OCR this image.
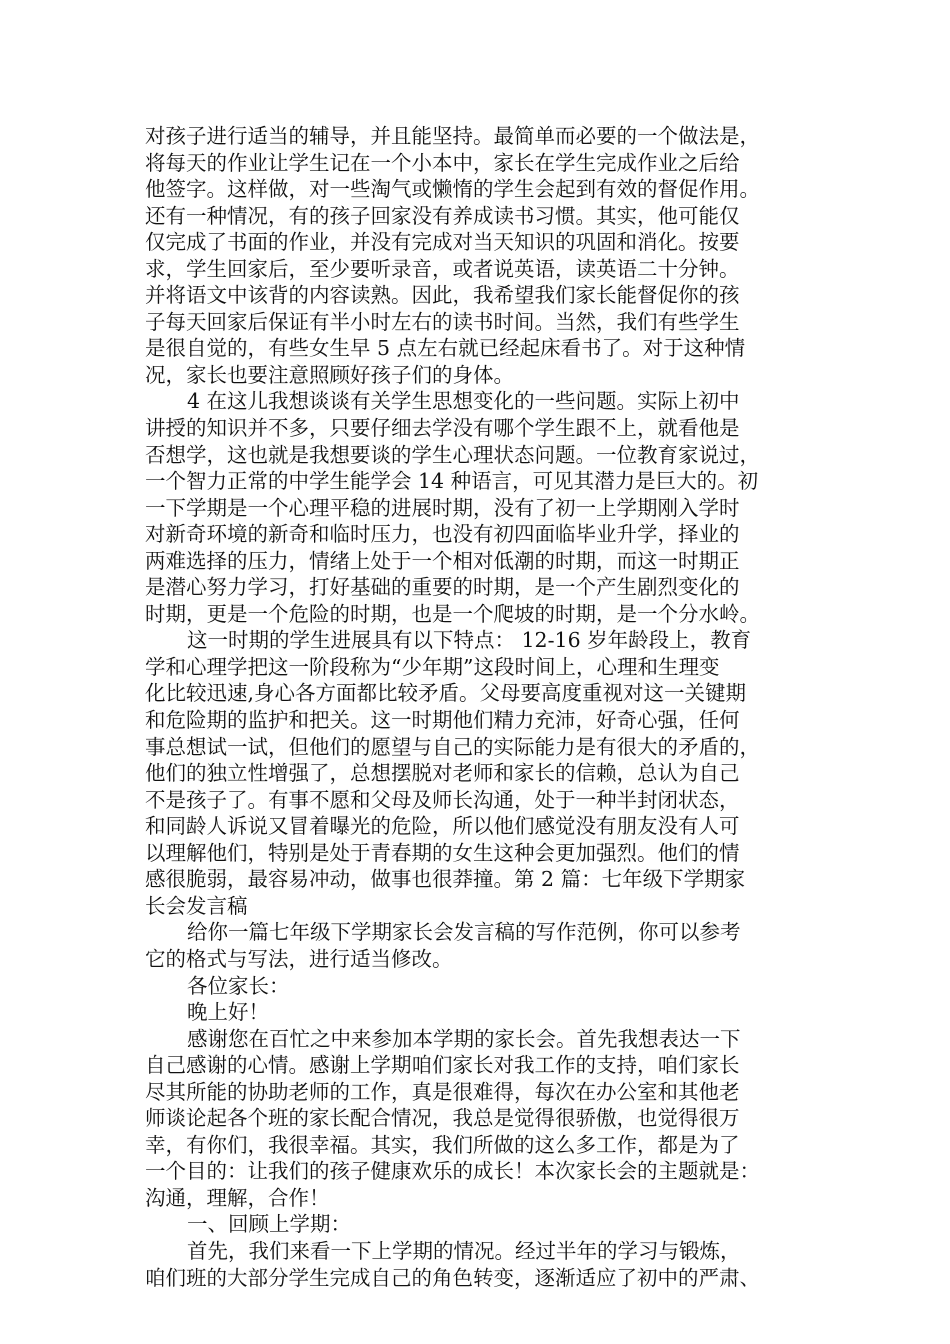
对孩子进行适当的辅导，并且能坚持。最简单而必要的一个做法是，
将每天的作业让学生记在一个小本中，家长在学生完成作业之后给
他签字。这样做，对一些淘气或懒惰的学生会起到有效的督促作用。
还有一种情况，有的孩子回家没有养成读书习惯。其实，他可能仅
仅完成了书面的作业，并没有完成对当天知识的巩固和消化。按要
求，学生回家后，至少要听录音，或者说英语，读英语二十分钟。
并将语文中该背的内容读熟。因此，我希望我们家长能督促你的孩
子每天回家后保证有半小时左右的读书时间。当然，我们有些学生
是很自觉的，有些女生早 5 点左右就已经起床看书了。对于这种情
况，家长也要注意照顾好孩子们的身体。
4 在这儿我想谈谈有关学生思想变化的一些问题。实际上初中
讲授的知识并不多，只要仔细去学没有哪个学生跟不上，就看他是
否想学，这也就是我想要谈的学生心理状态问题。一位教育家说过，
一个智力正常的中学生能学会 14 种语言，可见其潜力是巨大的。初
一下学期是一个心理平稳的进展时期，没有了初一上学期刚入学时
对新奇环境的新奇和临时压力，也没有初四面临毕业升学，择业的
两难选择的压力，情绪上处于一个相对低潮的时期，而这一时期正
是潜心努力学习，打好基础的重要的时期，是一个产生剧烈变化的
时期，更是一个危险的时期，也是一个爬坡的时期，是一个分水岭。
这一时期的学生进展具有以下特点： 12-16 岁年龄段上，教育
学和心理学把这一阶段称为“少年期”这段时间上，心理和生理变
化比较迅速,身心各方面都比较矛盾。父母要高度重视对这一关键期
和危险期的监护和把关。这一时期他们精力充沛，好奇心强，任何
事总想试一试，但他们的愿望与自己的实际能力是有很大的矛盾的，
他们的独立性增强了，总想摆脱对老师和家长的信赖，总认为自己
不是孩子了。有事不愿和父母及师长沟通，处于一种半封闭状态，
和同龄人诉说又冒着曝光的危险，所以他们感觉没有朋友没有人可
以理解他们，特别是处于青春期的女生这种会更加强烈。他们的情
感很脆弱，最容易冲动，做事也很莽撞。第 2 篇：七年级下学期家
长会发言稿
给你一篇七年级下学期家长会发言稿的写作范例，你可以参考
它的格式与写法，进行适当修改。
各位家长：
晚上好！
感谢您在百忙之中来参加本学期的家长会。首先我想表达一下
自己感谢的心情。感谢上学期咱们家长对我工作的支持，咱们家长
尽其所能的协助老师的工作，真是很难得，每次在办公室和其他老
师谈论起各个班的家长配合情况，我总是觉得很骄傲，也觉得很万
幸，有你们，我很幸福。其实，我们所做的这么多工作，都是为了
一个目的：让我们的孩子健康欢乐的成长！本次家长会的主题就是：
沟通，理解，合作！
一、回顾上学期：
首先，我们来看一下上学期的情况。经过半年的学习与锻炼，
咱们班的大部分学生完成自己的角色转变，逐渐适应了初中的严肃、
